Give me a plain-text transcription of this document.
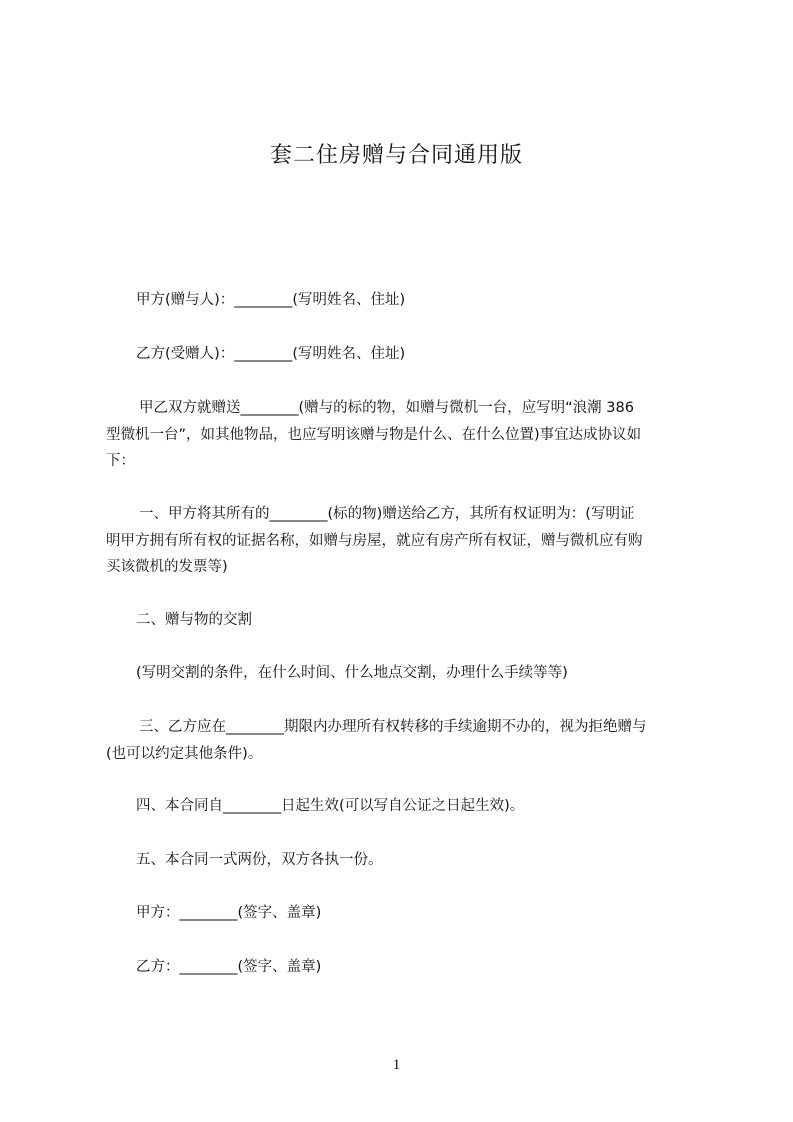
套二住房赠与合同通用版
甲方(赠与人)：________(写明姓名、住址)
乙方(受赠人)：________(写明姓名、住址)
甲乙双方就赠送________(赠与的标的物，如赠与微机一台，应写明“浪潮 386
型微机一台”，如其他物品，也应写明该赠与物是什么、在什么位置)事宜达成协议如
下：
一、甲方将其所有的________(标的物)赠送给乙方，其所有权证明为：(写明证
明甲方拥有所有权的证据名称，如赠与房屋，就应有房产所有权证，赠与微机应有购
买该微机的发票等)
二、赠与物的交割
(写明交割的条件，在什么时间、什么地点交割，办理什么手续等等)
三、乙方应在________期限内办理所有权转移的手续逾期不办的，视为拒绝赠与
(也可以约定其他条件)。
四、本合同自________日起生效(可以写自公证之日起生效)。
五、本合同一式两份，双方各执一份。
甲方：________(签字、盖章)
乙方：________(签字、盖章)
1
